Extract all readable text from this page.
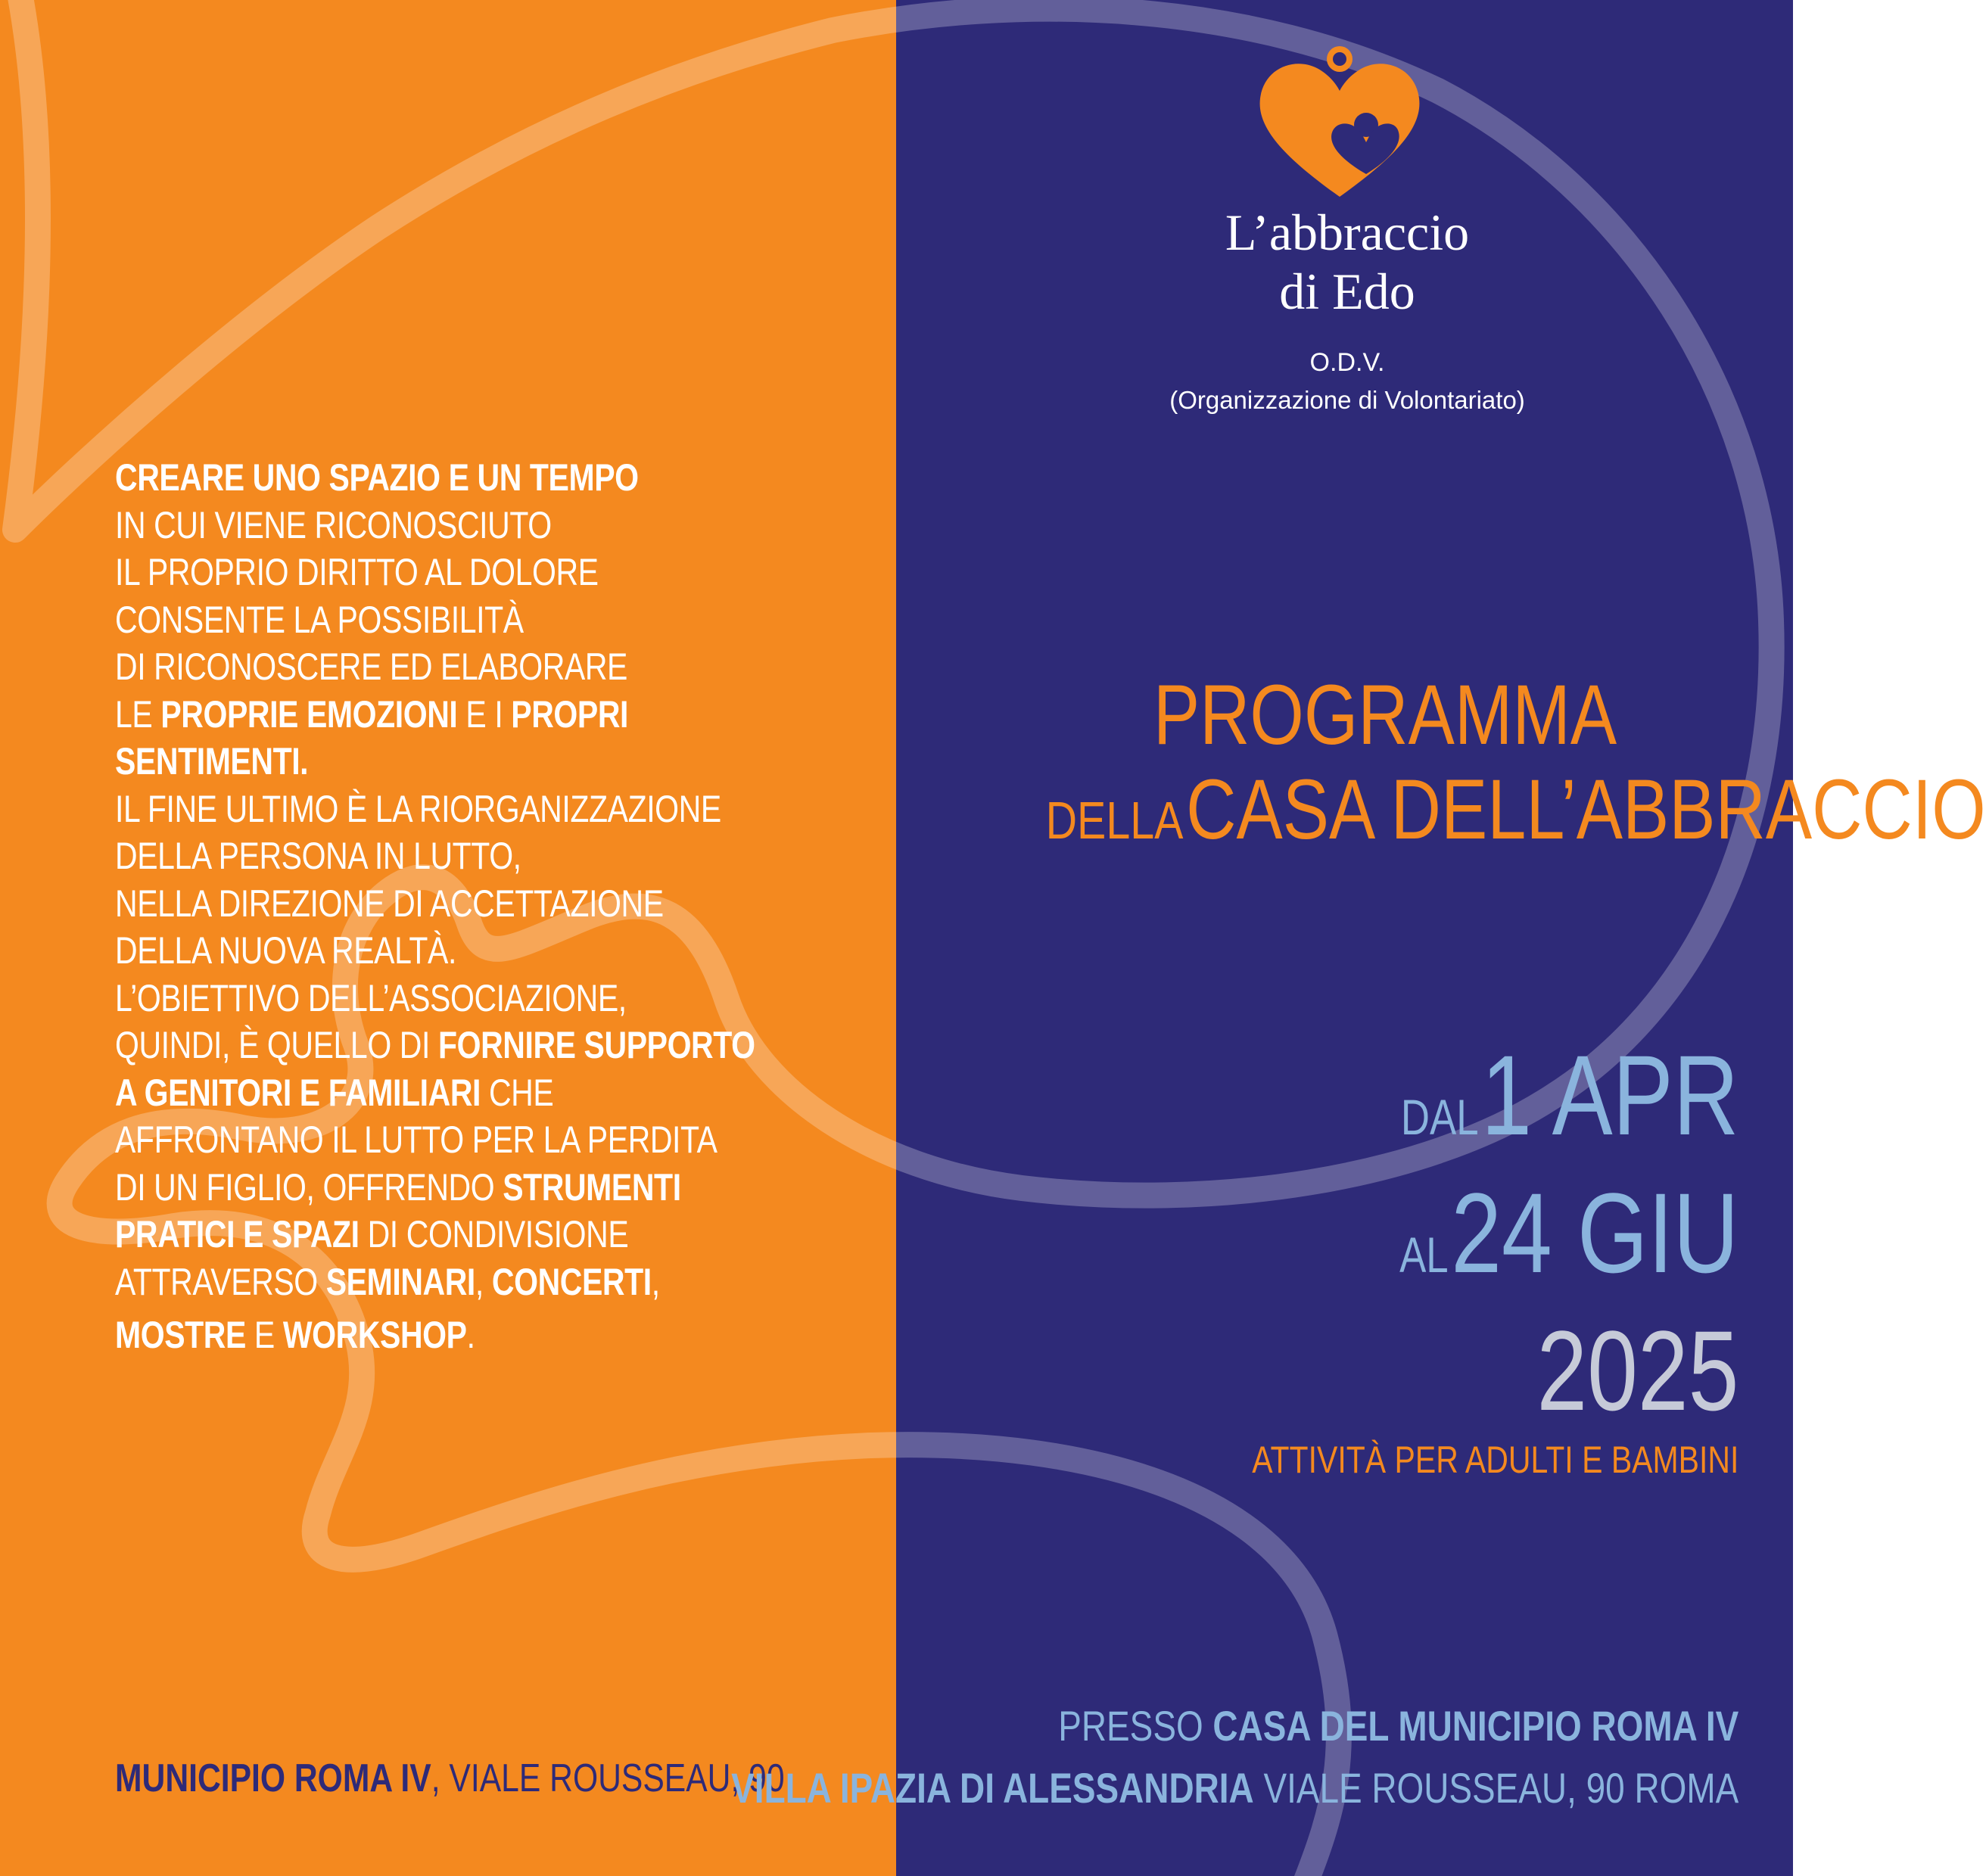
L’abbraccio
di Edo
O.D.V.
(Organizzazione di Volontariato)
CREARE UNO SPAZIO E UN TEMPO
IN CUI VIENE RICONOSCIUTO
IL PROPRIO DIRITTO AL DOLORE
CONSENTE LA POSSIBILITÀ
DI RICONOSCERE ED ELABORARE
LE PROPRIE EMOZIONI E I PROPRI
SENTIMENTI.
IL FINE ULTIMO È LA RIORGANIZZAZIONE
DELLA PERSONA IN LUTTO,
NELLA DIREZIONE DI ACCETTAZIONE
DELLA NUOVA REALTÀ.
L’OBIETTIVO DELL’ASSOCIAZIONE,
QUINDI, È QUELLO DI FORNIRE SUPPORTO
A GENITORI E FAMILIARI CHE
AFFRONTANO IL LUTTO PER LA PERDITA
DI UN FIGLIO, OFFRENDO STRUMENTI
PRATICI E SPAZI DI CONDIVISIONE
ATTRAVERSO SEMINARI, CONCERTI,
MOSTRE E WORKSHOP.
MUNICIPIO ROMA IV, VIALE ROUSSEAU, 90
PROGRAMMA
DELLA CASA DELL’ABBRACCIO
DAL 1 APR
AL 24 GIU
2025
ATTIVITÀ PER ADULTI E BAMBINI
PRESSO CASA DEL MUNICIPIO ROMA IV
VILLA IPAZIA DI ALESSANDRIA VIALE ROUSSEAU, 90 ROMA
